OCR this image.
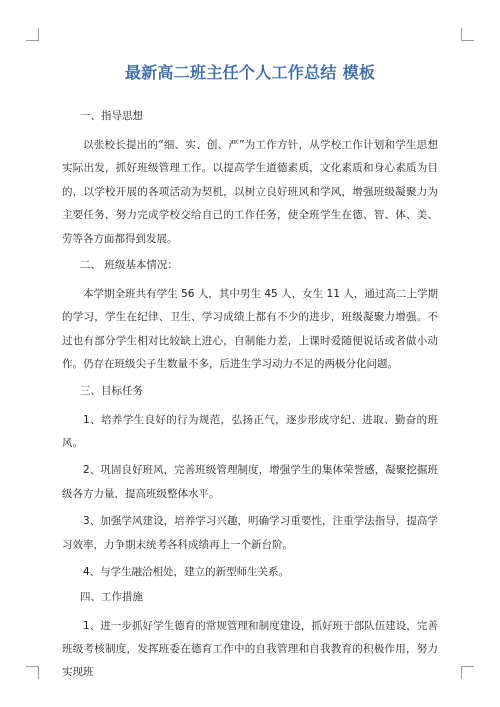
最新高二班主任个人工作总结 模板
一、指导思想
以张校长提出的“细、实、创、严”为工作方针，从学校工作计划和学生思想实际出发，抓好班级管理工作。以提高学生道德素质，文化素质和身心素质为目的，以学校开展的各项活动为契机，以树立良好班风和学风，增强班级凝聚力为主要任务，努力完成学校交给自己的工作任务，使全班学生在德、智、体、美、劳等各方面都得到发展。
二、 班级基本情况：
本学期全班共有学生 56 人，其中男生 45 人，女生 11 人，通过高二上学期的学习，学生在纪律、卫生、学习成绩上都有不少的进步，班级凝聚力增强。不过也有部分学生相对比较缺上进心，自制能力差，上课时爱随便说话或者做小动作。仍存在班级尖子生数量不多，后进生学习动力不足的两极分化问题。
三、目标任务
1、培养学生良好的行为规范，弘扬正气，逐步形成守纪、进取、勤奋的班风。
2、巩固良好班风，完善班级管理制度，增强学生的集体荣誉感，凝聚挖掘班级各方力量，提高班级整体水平。
3、加强学风建设，培养学习兴趣，明确学习重要性，注重学法指导，提高学习效率，力争期末统考各科成绩再上一个新台阶。
4、与学生融洽相处，建立的新型师生关系。
四、工作措施
1、进一步抓好学生德育的常规管理和制度建设，抓好班干部队伍建设，完善班级考核制度，发挥班委在德育工作中的自我管理和自我教育的积极作用，努力实现班
